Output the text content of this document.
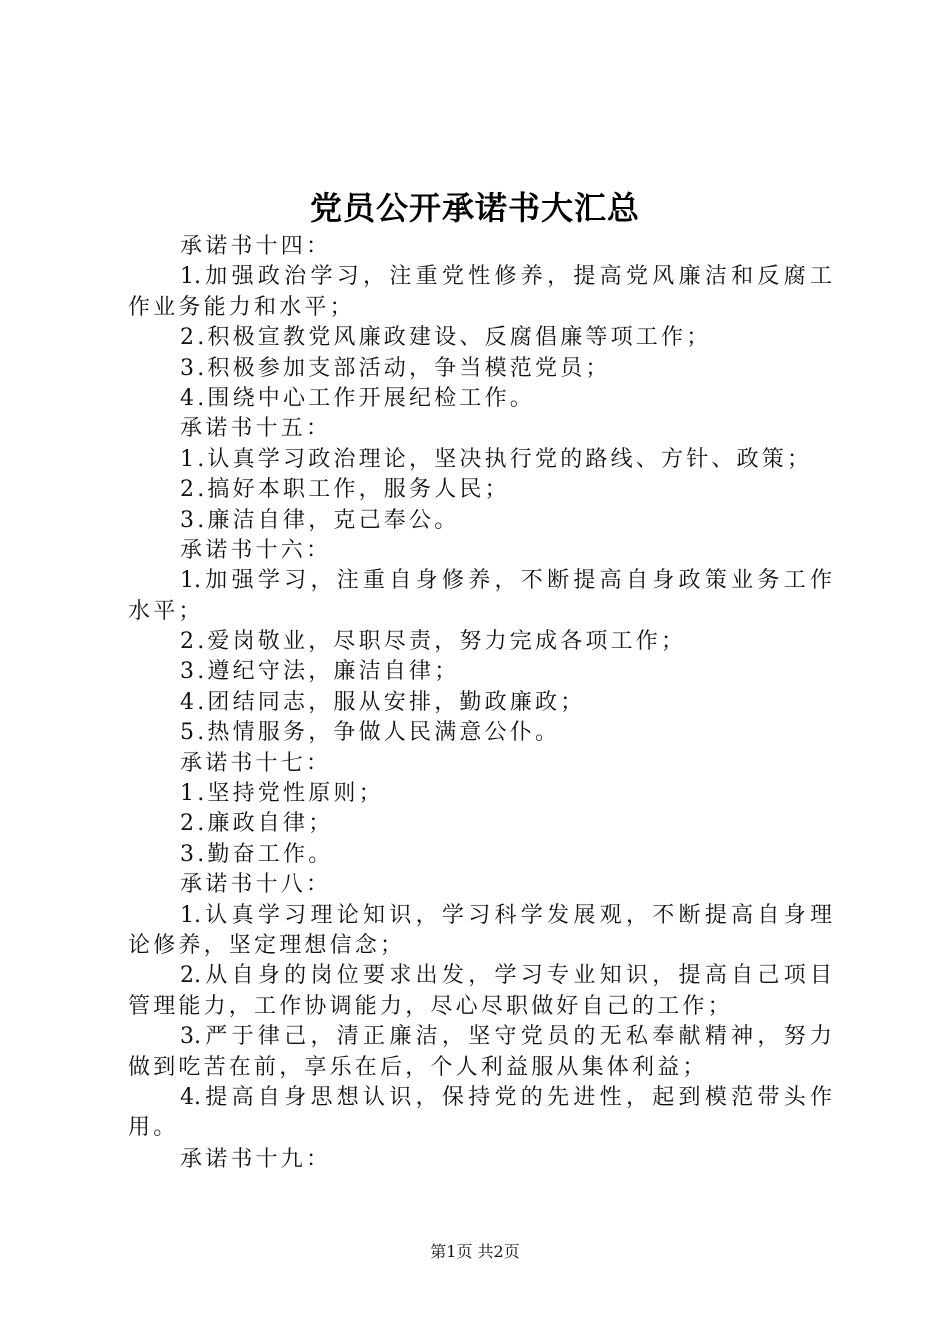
党员公开承诺书大汇总
承诺书十四：
1.加强政治学习，注重党性修养，提高党风廉洁和反腐工
作业务能力和水平；
2.积极宣教党风廉政建设、反腐倡廉等项工作；
3.积极参加支部活动，争当模范党员；
4.围绕中心工作开展纪检工作。
承诺书十五：
1.认真学习政治理论，坚决执行党的路线、方针、政策；
2.搞好本职工作，服务人民；
3.廉洁自律，克己奉公。
承诺书十六：
1.加强学习，注重自身修养，不断提高自身政策业务工作
水平；
2.爱岗敬业，尽职尽责，努力完成各项工作；
3.遵纪守法，廉洁自律；
4.团结同志，服从安排，勤政廉政；
5.热情服务，争做人民满意公仆。
承诺书十七：
1.坚持党性原则；
2.廉政自律；
3.勤奋工作。
承诺书十八：
1.认真学习理论知识，学习科学发展观，不断提高自身理
论修养，坚定理想信念；
2.从自身的岗位要求出发，学习专业知识，提高自己项目
管理能力，工作协调能力，尽心尽职做好自己的工作；
3.严于律己，清正廉洁，坚守党员的无私奉献精神，努力
做到吃苦在前，享乐在后，个人利益服从集体利益；
4.提高自身思想认识，保持党的先进性，起到模范带头作
用。
承诺书十九：
第1页 共2页
